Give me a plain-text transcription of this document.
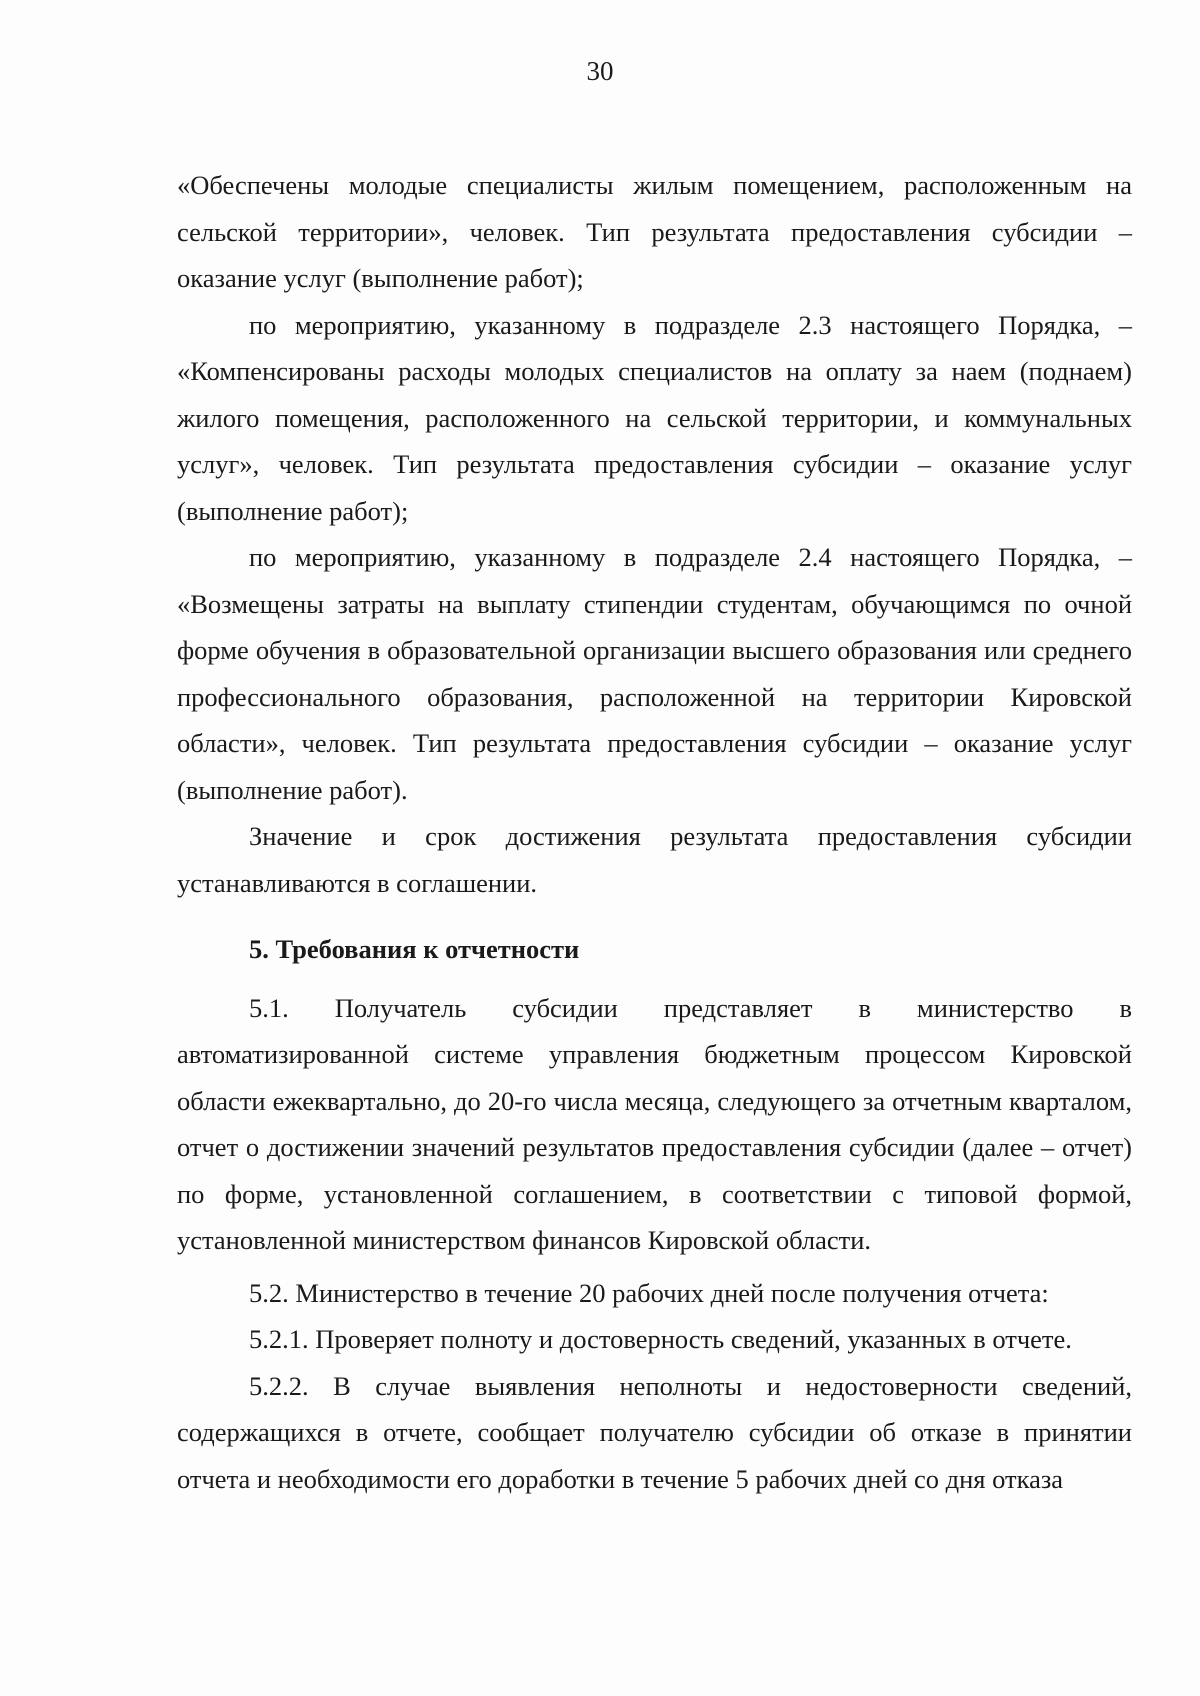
30

«Обеспечены молодые специалисты жилым помещением, расположенным на сельской территории», человек. Тип результата предоставления субсидии – оказание услуг (выполнение работ);

по мероприятию, указанному в подразделе 2.3 настоящего Порядка, – «Компенсированы расходы молодых специалистов на оплату за наем (поднаем) жилого помещения, расположенного на сельской территории, и коммунальных услуг», человек. Тип результата предоставления субсидии – оказание услуг (выполнение работ);

по мероприятию, указанному в подразделе 2.4 настоящего Порядка, – «Возмещены затраты на выплату стипендии студентам, обучающимся по очной форме обучения в образовательной организации высшего образования или среднего профессионального образования, расположенной на территории Кировской области», человек. Тип результата предоставления субсидии – оказание услуг (выполнение работ).

Значение и срок достижения результата предоставления субсидии устанавливаются в соглашении.

5. Требования к отчетности

5.1. Получатель субсидии представляет в министерство в автоматизированной системе управления бюджетным процессом Кировской области ежеквартально, до 20-го числа месяца, следующего за отчетным кварталом, отчет о достижении значений результатов предоставления субсидии (далее – отчет) по форме, установленной соглашением, в соответствии с типовой формой, установленной министерством финансов Кировской области.

5.2. Министерство в течение 20 рабочих дней после получения отчета:

5.2.1. Проверяет полноту и достоверность сведений, указанных в отчете.

5.2.2. В случае выявления неполноты и недостоверности сведений, содержащихся в отчете, сообщает получателю субсидии об отказе в принятии отчета и необходимости его доработки в течение 5 рабочих дней со дня отказа
